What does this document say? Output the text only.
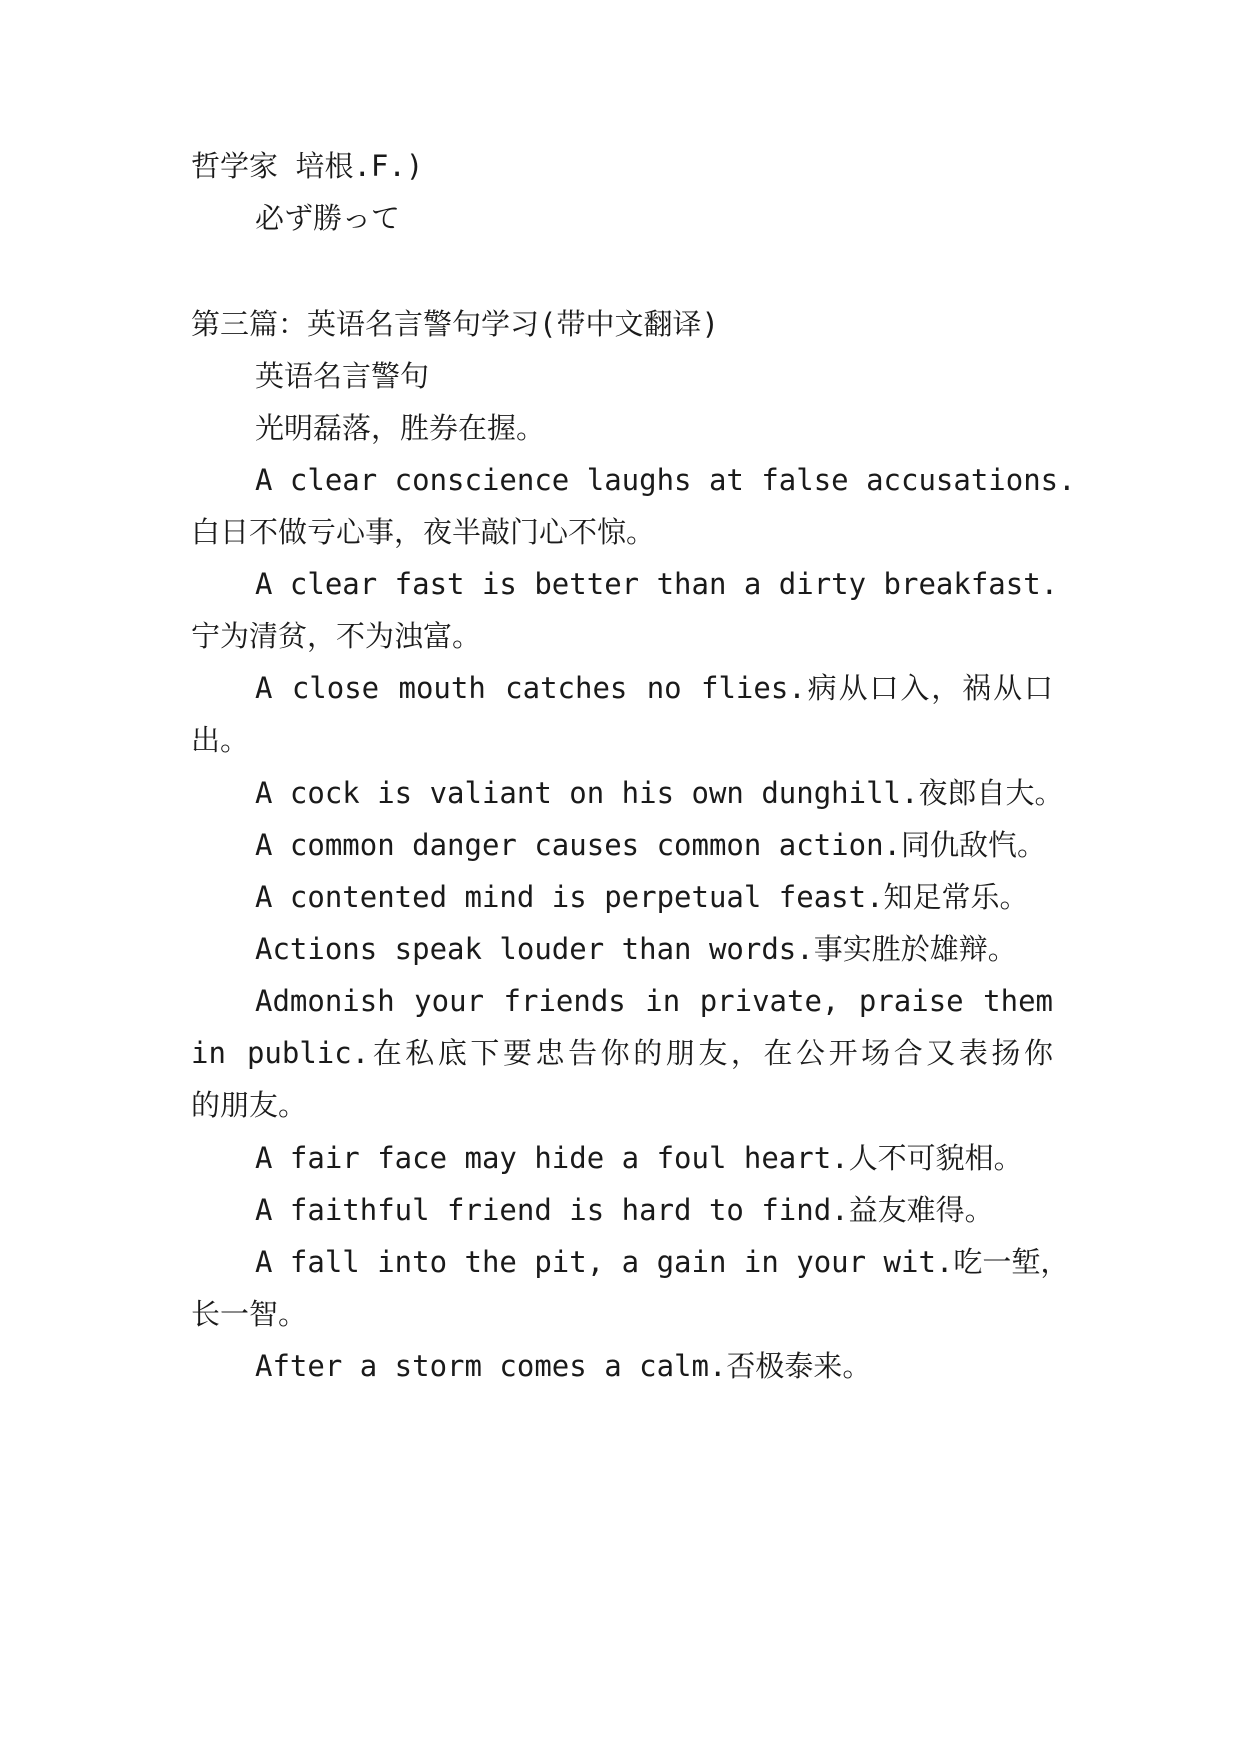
哲学家 培根.F.)
必ず勝って
第三篇：英语名言警句学习(带中文翻译)
英语名言警句
光明磊落，胜券在握。
A clear conscience laughs at false accusations.
白日不做亏心事，夜半敲门心不惊。
A clear fast is better than a dirty breakfast.
宁为清贫，不为浊富。
A close mouth catches no flies.病从口入，祸从口
出。
A cock is valiant on his own dunghill.夜郎自大。
A common danger causes common action.同仇敌忾。
A contented mind is perpetual feast.知足常乐。
Actions speak louder than words.事实胜於雄辩。
Admonish your friends in private, praise them
in public.在私底下要忠告你的朋友，在公开场合又表扬你
的朋友。
A fair face may hide a foul heart.人不可貌相。
A faithful friend is hard to find.益友难得。
A fall into the pit, a gain in your wit.吃一堑，
长一智。
After a storm comes a calm.否极泰来。
